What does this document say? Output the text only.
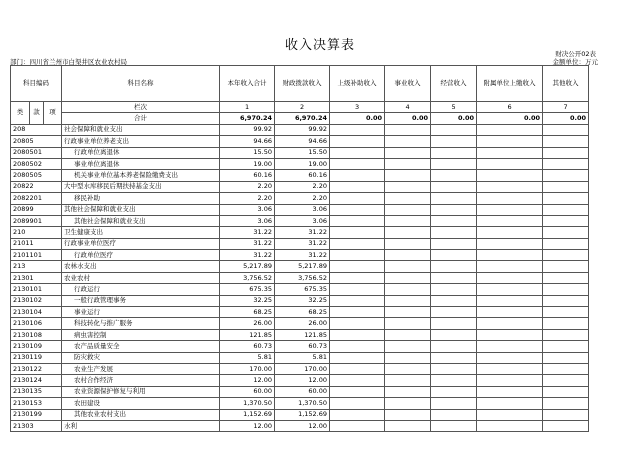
收入决算表
财决公开02表
部门：四川省兰州市白渠井区农业农村局	金额单位：万元
科目编码			科目名称	本年收入合计	财政拨款收入	上级补助收入	事业收入	经营收入	附属单位上缴收入	其他收入

类	款	项	栏次	1	2	3	4	5	6	7
			合计	6,970.24	6,970.24	0.00	0.00	0.00	0.00	0.00
208			社会保障和就业支出	99.92	99.92					
20805			行政事业单位养老支出	94.66	94.66					
2080501			行政单位离退休	15.50	15.50					
2080502			事业单位离退休	19.00	19.00					
2080505			机关事业单位基本养老保险缴费支出	60.16	60.16					
20822			大中型水库移民后期扶持基金支出	2.20	2.20					
2082201			移民补助	2.20	2.20					
20899			其他社会保障和就业支出	3.06	3.06					
2089901			其他社会保障和就业支出	3.06	3.06					
210			卫生健康支出	31.22	31.22					
21011			行政事业单位医疗	31.22	31.22					
2101101			行政单位医疗	31.22	31.22					
213			农林水支出	5,217.89	5,217.89					
21301			农业农村	3,756.52	3,756.52					
2130101			行政运行	675.35	675.35					
2130102			一般行政管理事务	32.25	32.25					
2130104			事业运行	68.25	68.25					
2130106			科技转化与推广服务	26.00	26.00					
2130108			病虫害控制	121.85	121.85					
2130109			农产品质量安全	60.73	60.73					
2130119			防灾救灾	5.81	5.81					
2130122			农业生产发展	170.00	170.00					
2130124			农村合作经济	12.00	12.00					
2130135			农业资源保护修复与利用	60.00	60.00					
2130153			农田建设	1,370.50	1,370.50					
2130199			其他农业农村支出	1,152.69	1,152.69					
21303			水利	12.00	12.00					
